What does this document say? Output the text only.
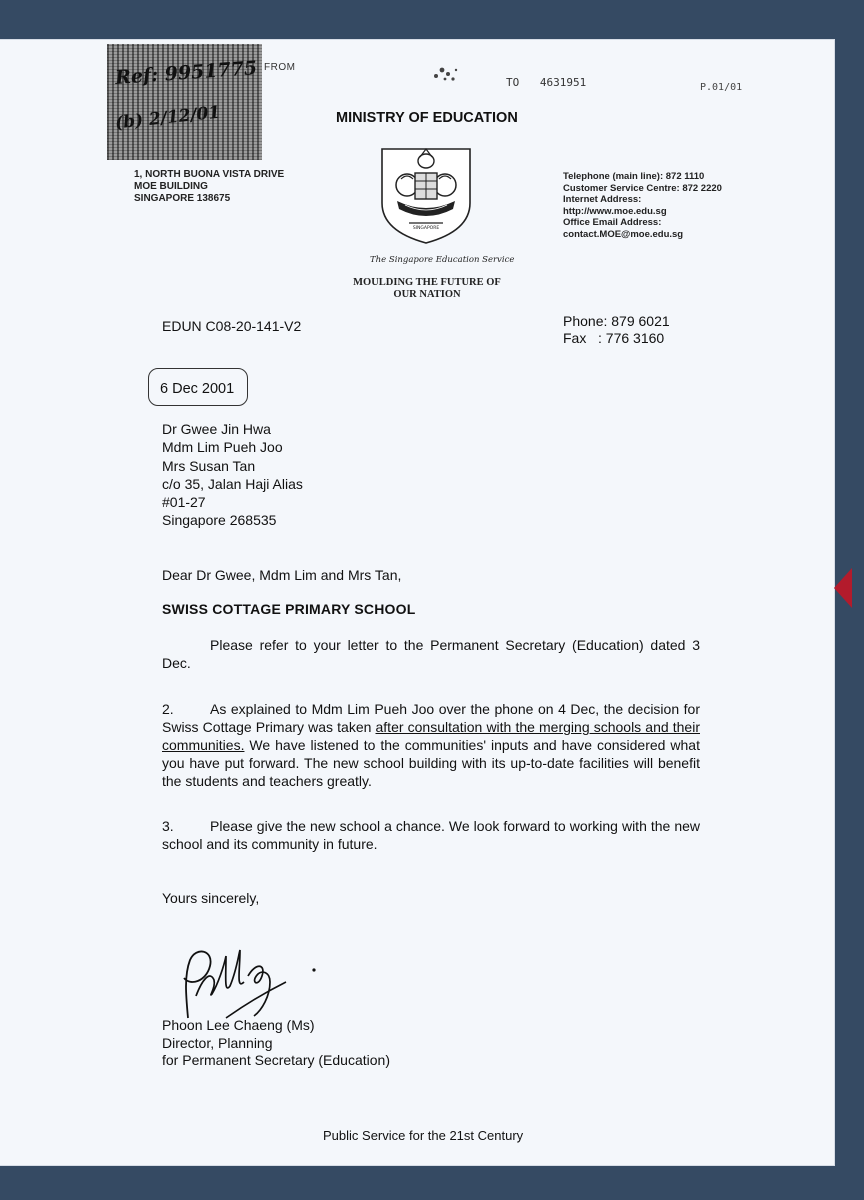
Ref: 9951775
(b) 2/12/01
FROM
TO 4631951	P.01/01
MINISTRY OF EDUCATION
SINGAPORE
1, NORTH BUONA VISTA DRIVE
MOE BUILDING
SINGAPORE 138675
Telephone (main line): 872 1110
Customer Service Centre: 872 2220
Internet Address:
http://www.moe.edu.sg
Office Email Address:
contact.MOE@moe.edu.sg
The Singapore Education Service
MOULDING THE FUTURE OF
OUR NATION
EDUN C08-20-141-V2	Phone: 879 6021
Fax   : 776 3160
6 Dec 2001
Dr Gwee Jin Hwa
Mdm Lim Pueh Joo
Mrs Susan Tan
c/o 35, Jalan Haji Alias
#01-27
Singapore 268535
Dear Dr Gwee, Mdm Lim and Mrs Tan,
SWISS COTTAGE PRIMARY SCHOOL
Please refer to your letter to the Permanent Secretary (Education) dated 3 Dec.
2.	As explained to Mdm Lim Pueh Joo over the phone on 4 Dec, the decision for Swiss Cottage Primary was taken after consultation with the merging schools and their communities. We have listened to the communities' inputs and have considered what you have put forward. The new school building with its up-to-date facilities will benefit the students and teachers greatly.
3.	Please give the new school a chance. We look forward to working with the new school and its community in future.
Yours sincerely,
Phoon Lee Chaeng (Ms)
Director, Planning
for Permanent Secretary (Education)
Public Service for the 21st Century
